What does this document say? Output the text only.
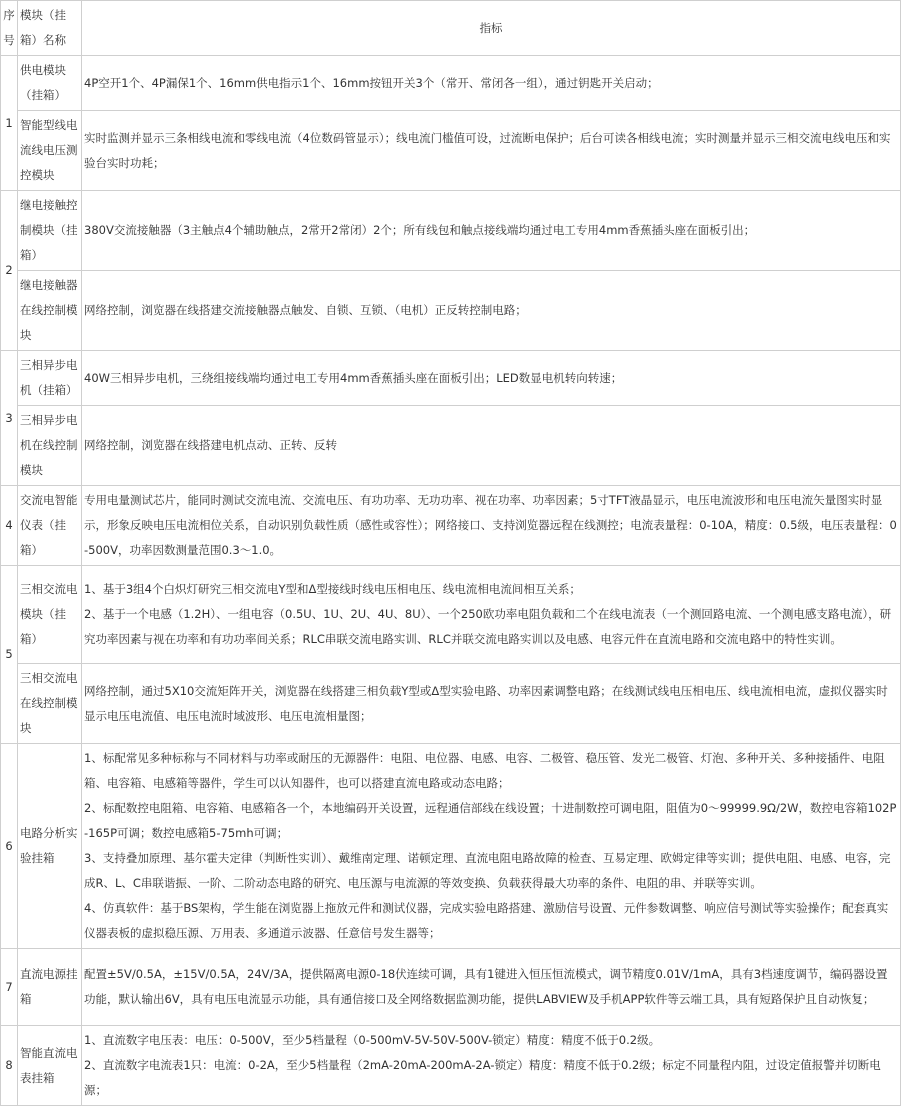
序号	模块（挂箱）名称	指标
1	供电模块（挂箱）	4P空开1个、4P漏保1个、16mm供电指示1个、16mm按钮开关3个（常开、常闭各一组），通过钥匙开关启动；

	智能型线电流线电压测控模块	实时监测并显示三条相线电流和零线电流（4位数码管显示）；线电流门槛值可设，过流断电保护；后台可读各相线电流；实时测量并显示三相交流电线电压和实验台实时功耗；

2	继电接触控制模块（挂箱）	380V交流接触器（3主触点4个辅助触点，2常开2常闭）2个；所有线包和触点接线端均通过电工专用4mm香蕉插头座在面板引出；

	继电接触器在线控制模块	网络控制，浏览器在线搭建交流接触器点触发、自锁、互锁、（电机）正反转控制电路；

3	三相异步电机（挂箱）	40W三相异步电机，三绕组接线端均通过电工专用4mm香蕉插头座在面板引出；LED数显电机转向转速；

	三相异步电机在线控制模块	网络控制，浏览器在线搭建电机点动、正转、反转

4	交流电智能仪表（挂箱）	专用电量测试芯片，能同时测试交流电流、交流电压、有功功率、无功功率、视在功率、功率因素；5寸TFT液晶显示，电压电流波形和电压电流矢量图实时显示，形象反映电压电流相位关系，自动识别负载性质（感性或容性）；网络接口、支持浏览器远程在线测控；电流表量程：0-10A，精度：0.5级，电压表量程：0-500V，功率因数测量范围0.3～1.0。

5	三相交流电模块（挂箱）	1、基于3组4个白炽灯研究三相交流电Y型和Δ型接线时线电压相电压、线电流相电流间相互关系；
2、基于一个电感（1.2H）、一组电容（0.5U、1U、2U、4U、8U）、一个250欧功率电阻负载和二个在线电流表（一个测回路电流、一个测电感支路电流），研究功率因素与视在功率和有功功率间关系；RLC串联交流电路实训、RLC并联交流电路实训以及电感、电容元件在直流电路和交流电路中的特性实训。

	三相交流电在线控制模块	网络控制，通过5X10交流矩阵开关，浏览器在线搭建三相负载Y型或Δ型实验电路、功率因素调整电路；在线测试线电压相电压、线电流相电流，虚拟仪器实时显示电压电流值、电压电流时域波形、电压电流相量图；

6	电路分析实验挂箱	1、标配常见多种标称与不同材料与功率或耐压的无源器件：电阻、电位器、电感、电容、二极管、稳压管、发光二极管、灯泡、多种开关、多种接插件、电阻箱、电容箱、电感箱等器件，学生可以认知器件，也可以搭建直流电路或动态电路；
2、标配数控电阻箱、电容箱、电感箱各一个，本地编码开关设置，远程通信部线在线设置；十进制数控可调电阻，阻值为0～99999.9Ω/2W，数控电容箱102P-165P可调；数控电感箱5-75mh可调；
3、支持叠加原理、基尔霍夫定律（判断性实训）、戴维南定理、诺顿定理、直流电阻电路故障的检查、互易定理、欧姆定律等实训；提供电阻、电感、电容，完成R、L、C串联谐振、一阶、二阶动态电路的研究、电压源与电流源的等效变换、负载获得最大功率的条件、电阻的串、并联等实训。
4、仿真软件：基于BS架构，学生能在浏览器上拖放元件和测试仪器，完成实验电路搭建、激励信号设置、元件参数调整、响应信号测试等实验操作；配套真实仪器表板的虚拟稳压源、万用表、多通道示波器、任意信号发生器等；

7	直流电源挂箱	配置±5V/0.5A，±15V/0.5A，24V/3A，提供隔离电源0-18伏连续可调，具有1键进入恒压恒流模式，调节精度0.01V/1mA，具有3档速度调节，编码器设置功能，默认输出6V，具有电压电流显示功能，具有通信接口及全网络数据监测功能，提供LABVIEW及手机APP软件等云端工具，具有短路保护且自动恢复；

8	智能直流电表挂箱	1、直流数字电压表：电压：0-500V，至少5档量程（0-500mV-5V-50V-500V-锁定）精度：精度不低于0.2级。
2、直流数字电流表1只：电流：0-2A，至少5档量程（2mA-20mA-200mA-2A-锁定）精度：精度不低于0.2级；标定不同量程内阻，过设定值报警并切断电源；
